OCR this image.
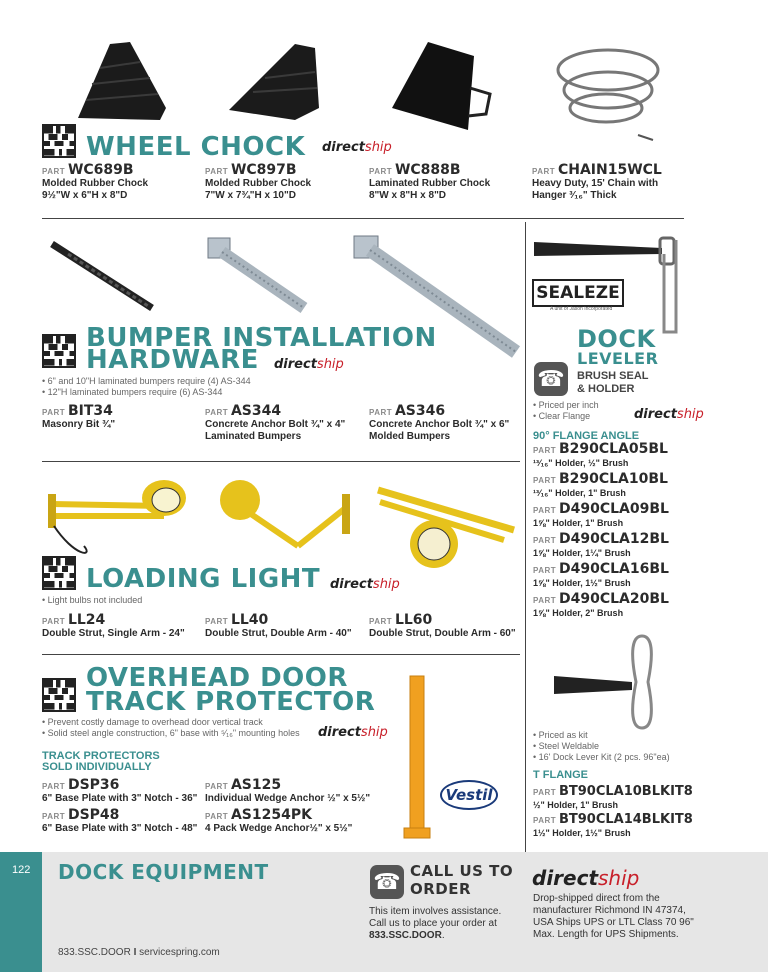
WHEEL CHOCK directship
PART WC689B
Molded Rubber Chock
9½"W x 6"H x 8"D
PART WC897B
Molded Rubber Chock
7"W x 7¾"H x 10"D
PART WC888B
Laminated Rubber Chock
8"W x 8"H x 8"D
PART CHAIN15WCL
Heavy Duty, 15' Chain with
Hanger ³⁄₁₆" Thick
BUMPER INSTALLATION
HARDWARE directship
• 6" and 10"H laminated bumpers require (4) AS-344
• 12"H laminated bumpers require (6) AS-344
PART BIT34
Masonry Bit ¾"
PART AS344
Concrete Anchor Bolt ¾" x 4"
Laminated Bumpers
PART AS346
Concrete Anchor Bolt ¾" x 6"
Molded Bumpers
LOADING LIGHT directship
• Light bulbs not included
PART LL24
Double Strut, Single Arm - 24"
PART LL40
Double Strut, Double Arm - 40"
PART LL60
Double Strut, Double Arm - 60"
OVERHEAD DOOR
TRACK PROTECTOR
• Prevent costly damage to overhead door vertical track
• Solid steel angle construction, 6" base with ⁵⁄₁₆" mounting holes directship
TRACK PROTECTORS
SOLD INDIVIDUALLY
PART DSP36
6" Base Plate with 3" Notch - 36"
PART AS125
Individual Wedge Anchor ½" x 5½"
PART DSP48
6" Base Plate with 3" Notch - 48"
PART AS1254PK
4 Pack Wedge Anchor½" x 5½"
Vestil
SEALEZE
A unit of Jason Incorporated
DOCK
LEVELER
☎ BRUSH SEAL
& HOLDER
• Priced per inch
• Clear Flange	directship
90° FLANGE ANGLE
PART B290CLA05BL
¹³⁄₁₆" Holder, ½" Brush
PART B290CLA10BL
¹³⁄₁₆" Holder, 1" Brush
PART D490CLA09BL
1⅝" Holder, 1" Brush
PART D490CLA12BL
1⅝" Holder, 1¼" Brush
PART D490CLA16BL
1⅝" Holder, 1½" Brush
PART D490CLA20BL
1⅝" Holder, 2" Brush
• Priced as kit
• Steel Weldable
• 16' Dock Lever Kit (2 pcs. 96"ea)
T FLANGE
PART BT90CLA10BLKIT8
½" Holder, 1" Brush
PART BT90CLA14BLKIT8
1½" Holder, 1½" Brush
122 DOCK EQUIPMENT
833.SSC.DOOR I servicespring.com
☎ CALL US TO
ORDER
This item involves assistance.
Call us to place your order at
833.SSC.DOOR.
directship
Drop-shipped direct from the
manufacturer Richmond IN 47374,
USA Ships UPS or LTL Class 70 96"
Max. Length for UPS Shipments.
